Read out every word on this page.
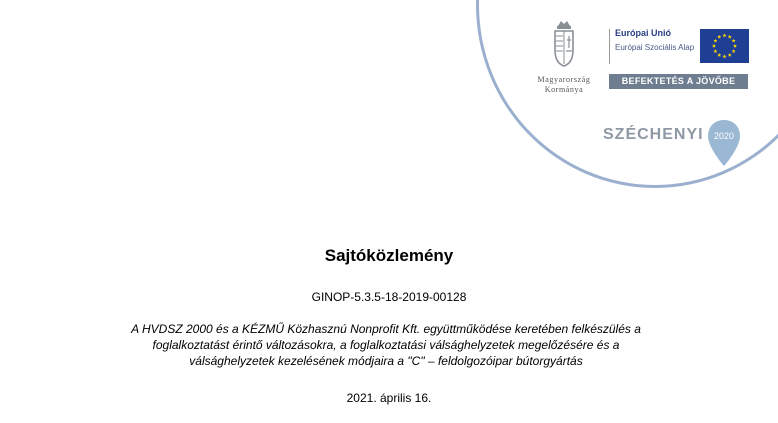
Magyarország
Kormánya
Európai Unió
Európai Szociális Alap
BEFEKTETÉS A JÖVŐBE
SZÉCHENYI 2020
Sajtóközlemény
GINOP-5.3.5-18-2019-00128
A HVDSZ 2000 és a KÉZMŰ Közhasznú Nonprofit Kft. együttműködése keretében felkészülés a
foglalkoztatást érintő változásokra, a foglalkoztatási válsághelyzetek megelőzésére és a
válsághelyzetek kezelésének módjaira a "C" – feldolgozóipar bútorgyártás
2021. április 16.
